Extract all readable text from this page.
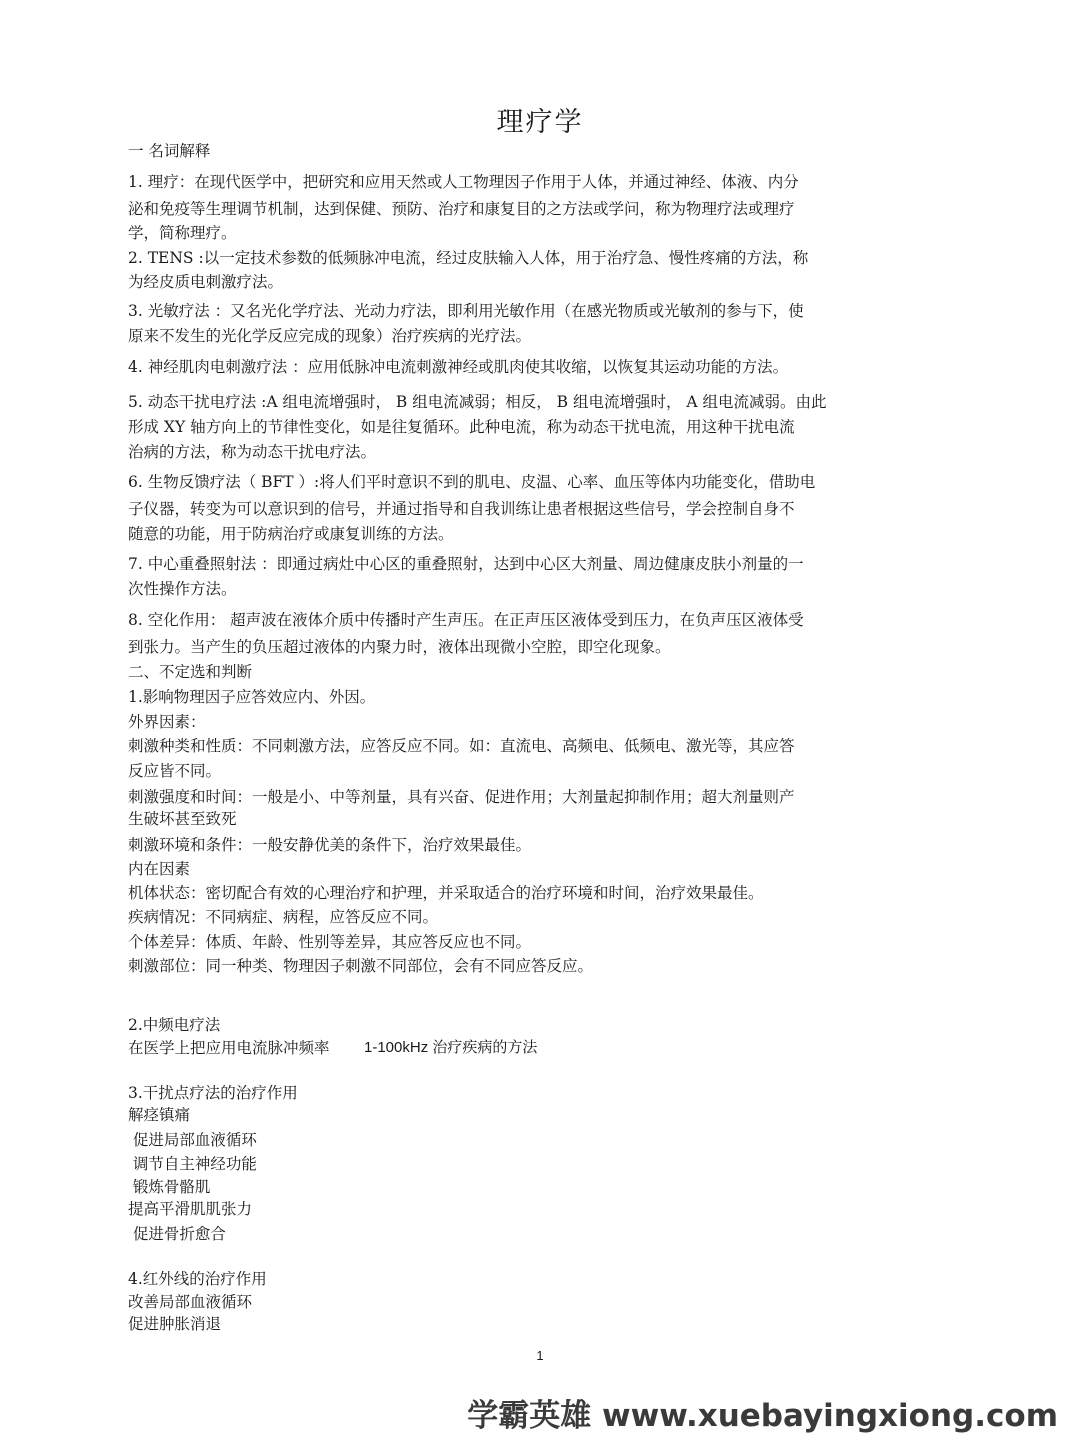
理疗学
一 名词解释
1. 理疗：在现代医学中，把研究和应用天然或人工物理因子作用于人体，并通过神经、体液、内分
泌和免疫等生理调节机制，达到保健、预防、治疗和康复目的之方法或学问，称为物理疗法或理疗
学，简称理疗。
2. TENS :以一定技术参数的低频脉冲电流，经过皮肤输入人体，用于治疗急、慢性疼痛的方法，称
为经皮质电刺激疗法。
3. 光敏疗法 ：又名光化学疗法、光动力疗法，即利用光敏作用（在感光物质或光敏剂的参与下，使
原来不发生的光化学反应完成的现象）治疗疾病的光疗法。
4. 神经肌肉电刺激疗法 ：应用低脉冲电流刺激神经或肌肉使其收缩，以恢复其运动功能的方法。
5. 动态干扰电疗法 :A 组电流增强时， B 组电流减弱；相反， B 组电流增强时， A 组电流减弱。由此
形成 XY 轴方向上的节律性变化，如是往复循环。此种电流，称为动态干扰电流，用这种干扰电流
治病的方法，称为动态干扰电疗法。
6. 生物反馈疗法（ BFT ）:将人们平时意识不到的肌电、皮温、心率、血压等体内功能变化，借助电
子仪器，转变为可以意识到的信号，并通过指导和自我训练让患者根据这些信号，学会控制自身不
随意的功能，用于防病治疗或康复训练的方法。
7. 中心重叠照射法 ：即通过病灶中心区的重叠照射，达到中心区大剂量、周边健康皮肤小剂量的一
次性操作方法。
8. 空化作用： 超声波在液体介质中传播时产生声压。在正声压区液体受到压力，在负声压区液体受
到张力。当产生的负压超过液体的内聚力时，液体出现微小空腔，即空化现象。
二、不定选和判断
1.影响物理因子应答效应内、外因。
外界因素：
刺激种类和性质：不同刺激方法，应答反应不同。如：直流电、高频电、低频电、激光等，其应答
反应皆不同。
刺激强度和时间：一般是小、中等剂量，具有兴奋、促进作用；大剂量起抑制作用；超大剂量则产
生破坏甚至致死
刺激环境和条件：一般安静优美的条件下，治疗效果最佳。
内在因素
机体状态：密切配合有效的心理治疗和护理，并采取适合的治疗环境和时间，治疗效果最佳。
疾病情况：不同病症、病程，应答反应不同。
个体差异：体质、年龄、性别等差异，其应答反应也不同。
刺激部位：同一种类、物理因子刺激不同部位，会有不同应答反应。
2.中频电疗法
在医学上把应用电流脉冲频率 1-100kHz 治疗疾病的方法
3.干扰点疗法的治疗作用
解痉镇痛
促进局部血液循环
调节自主神经功能
锻炼骨骼肌
提高平滑肌肌张力
促进骨折愈合
4.红外线的治疗作用
改善局部血液循环
促进肿胀消退
1
学霸英雄 www.xuebayingxiong.com
